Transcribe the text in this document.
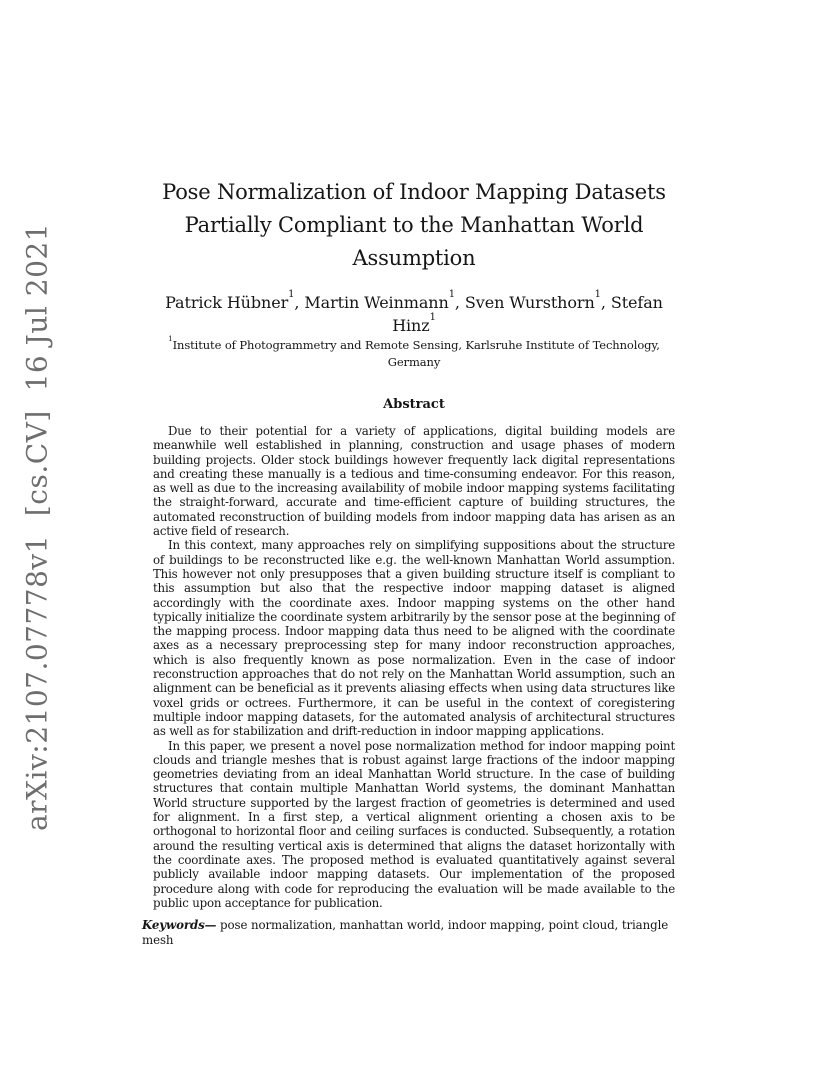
arXiv:2107.07778v1  [cs.CV]  16 Jul 2021
Pose Normalization of Indoor Mapping Datasets
Partially Compliant to the Manhattan World
Assumption
Patrick Hübner$^1$, Martin Weinmann$^1$, Sven Wursthorn$^1$, Stefan Hinz$^1$
$^1$Institute of Photogrammetry and Remote Sensing, Karlsruhe Institute of Technology, Germany
Abstract

Due to their potential for a variety of applications, digital building models are meanwhile well established in planning, construction and usage phases of modern building projects. Older stock buildings however frequently lack digital representations and creating these manually is a tedious and time-consuming endeavor. For this reason, as well as due to the increasing availability of mobile indoor mapping systems facilitating the straight-forward, accurate and time-efficient capture of building structures, the automated reconstruction of building models from indoor mapping data has arisen as an active field of research.

In this context, many approaches rely on simplifying suppositions about the structure of buildings to be reconstructed like e.g. the well-known Manhattan World assumption. This however not only presupposes that a given building structure itself is compliant to this assumption but also that the respective indoor mapping dataset is aligned accordingly with the coordinate axes. Indoor mapping systems on the other hand typically initialize the coordinate system arbitrarily by the sensor pose at the beginning of the mapping process. Indoor mapping data thus need to be aligned with the coordinate axes as a necessary preprocessing step for many indoor reconstruction approaches, which is also frequently known as pose normalization. Even in the case of indoor reconstruction approaches that do not rely on the Manhattan World assumption, such an alignment can be beneficial as it prevents aliasing effects when using data structures like voxel grids or octrees. Furthermore, it can be useful in the context of coregistering multiple indoor mapping datasets, for the automated analysis of architectural structures as well as for stabilization and drift-reduction in indoor mapping applications.

In this paper, we present a novel pose normalization method for indoor mapping point clouds and triangle meshes that is robust against large fractions of the indoor mapping geometries deviating from an ideal Manhattan World structure. In the case of building structures that contain multiple Manhattan World systems, the dominant Manhattan World structure supported by the largest fraction of geometries is determined and used for alignment. In a first step, a vertical alignment orienting a chosen axis to be orthogonal to horizontal floor and ceiling surfaces is conducted. Subsequently, a rotation around the resulting vertical axis is determined that aligns the dataset horizontally with the coordinate axes. The proposed method is evaluated quantitatively against several publicly available indoor mapping datasets. Our implementation of the proposed procedure along with code for reproducing the evaluation will be made available to the public upon acceptance for publication.

Keywords— pose normalization, manhattan world, indoor mapping, point cloud, triangle mesh
